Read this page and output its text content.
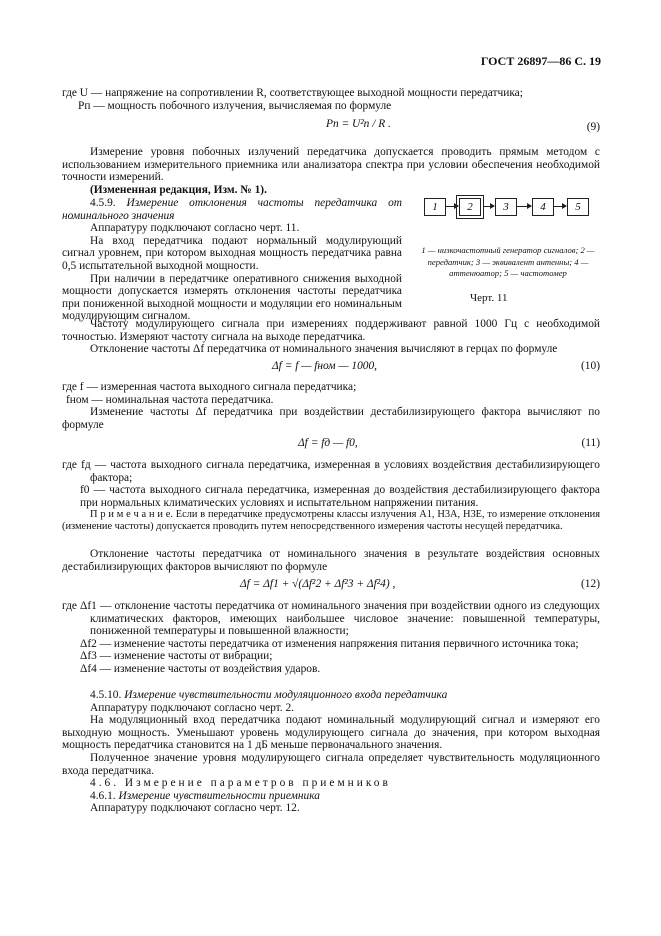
ГОСТ 26897—86 С. 19

где U — напряжение на сопротивлении R, соответствующее выходной мощности передатчика;

Pп — мощность побочного излучения, вычисляемая по формуле

Pп = U²п / R .	(9)

Измерение уровня побочных излучений передатчика допускается проводить прямым методом с использованием измерительного приемника или анализатора спектра при условии обеспечения необходимой точности измерений.

(Измененная редакция, Изм. № 1).

4.5.9. Измерение отклонения частоты передатчика от номинального значения

Аппаратуру подключают согласно черт. 11.

На вход передатчика подают нормальный модулирующий сигнал уровнем, при котором выходная мощность передатчика равна 0,5 испытательной выходной мощности.

При наличии в передатчике оперативного снижения выходной мощности допускается измерять отклонения частоты передатчика при пониженной выходной мощности и модуляции его номинальным модулирующим сигналом.

1	2	3	4	5
1 — низкочастотный генератор сигналов; 2 — передатчик; 3 — эквивалент антенны; 4 — аттенюатор; 5 — частотомер
Черт. 11

Частоту модулирующего сигнала при измерениях поддерживают равной 1000 Гц с необходимой точностью. Измеряют частоту сигнала на выходе передатчика.

Отклонение частоты Δf передатчика от номинального значения вычисляют в герцах по формуле

Δf = f — fном — 1000,	(10)

где f — измеренная частота выходного сигнала передатчика;

fном — номинальная частота передатчика.

Изменение частоты Δf передатчика при воздействии дестабилизирующего фактора вычисляют по формуле

Δf = fд — f0,	(11)

где fд — частота выходного сигнала передатчика, измеренная в условиях воздействия дестабилизирующего фактора;

f0 — частота выходного сигнала передатчика, измеренная до воздействия дестабилизирующего фактора при нормальных климатических условиях и испытательном напряжении питания.

П р и м е ч а н и е. Если в передатчике предусмотрены классы излучения А1, Н3А, Н3Е, то измерение отклонения (изменение частоты) допускается проводить путем непосредственного измерения частоты несущей передатчика.

Отклонение частоты передатчика от номинального значения в результате воздействия основных дестабилизирующих факторов вычисляют по формуле

Δf = Δf1 + √(Δf²2 + Δf²3 + Δf²4) ,	(12)

где Δf1 — отклонение частоты передатчика от номинального значения при воздействии одного из следующих климатических факторов, имеющих наибольшее числовое значение: повышенной температуры, пониженной температуры и повышенной влажности;

Δf2 — изменение частоты передатчика от изменения напряжения питания первичного источника тока;

Δf3 — изменение частоты от вибрации;

Δf4 — изменение частоты от воздействия ударов.

4.5.10. Измерение чувствительности модуляционного входа передатчика

Аппаратуру подключают согласно черт. 2.

На модуляционный вход передатчика подают номинальный модулирующий сигнал и измеряют его выходную мощность. Уменьшают уровень модулирующего сигнала до значения, при котором выходная мощность передатчика становится на 1 дБ меньше первоначального значения.

Полученное значение уровня модулирующего сигнала определяет чувствительность модуляционного входа передатчика.

4.6. Измерение параметров приемников

4.6.1. Измерение чувствительности приемника

Аппаратуру подключают согласно черт. 12.
